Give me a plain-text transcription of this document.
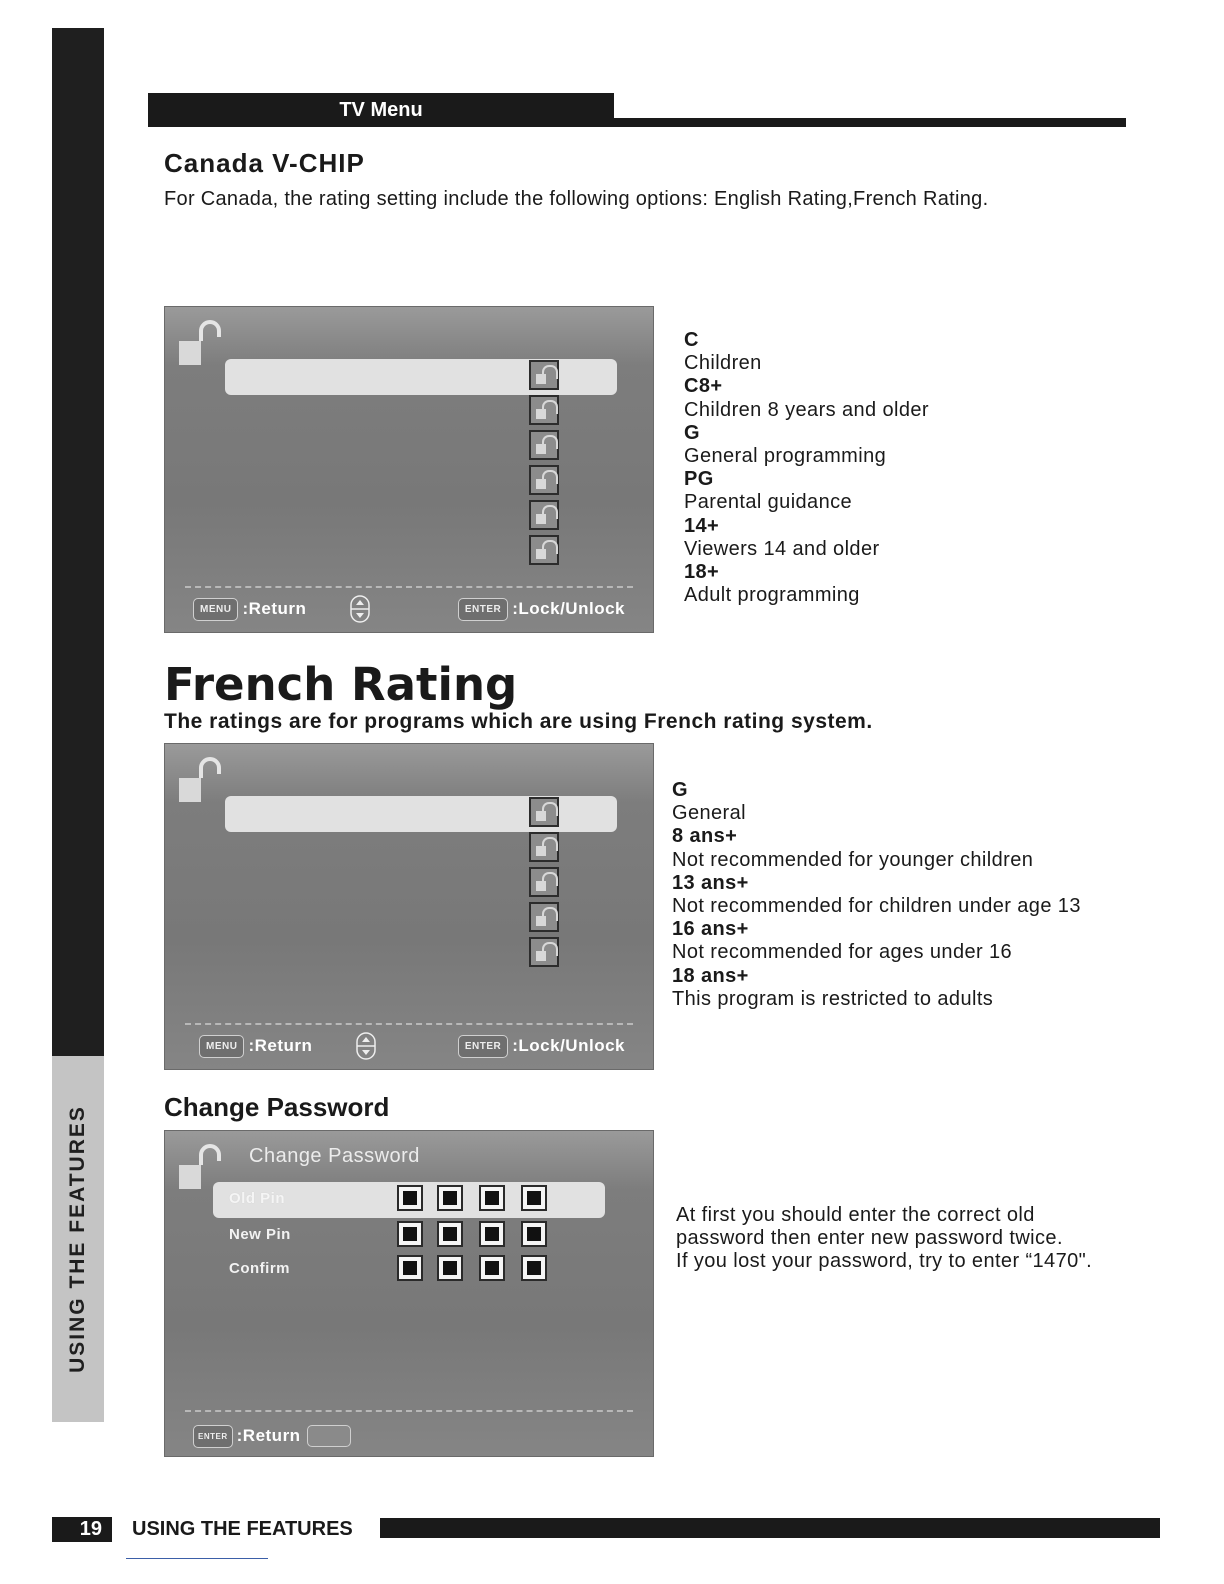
USING THE FEATURES
TV Menu
Canada V-CHIP

For Canada, the rating setting include the following options: English Rating,French Rating.

MENU :Return	ENTER :Lock/Unlock
C
Children
C8+
Children 8 years and older
G
General programming
PG
Parental guidance
14+
Viewers 14 and older
18+
Adult programming
French Rating

The ratings are for programs which are using French rating system.

MENU :Return	ENTER :Lock/Unlock
G
General
8 ans+
Not recommended for younger children
13 ans+
Not recommended for children under age 13
16 ans+
Not recommended for ages under 16
18 ans+
This program is restricted to adults
Change Password
Change Password
Old Pin
New Pin
Confirm
ENTER :Return
At first you should enter the correct old
password then enter new password twice.
If you lost your password, try to enter “1470".
19	USING THE FEATURES
